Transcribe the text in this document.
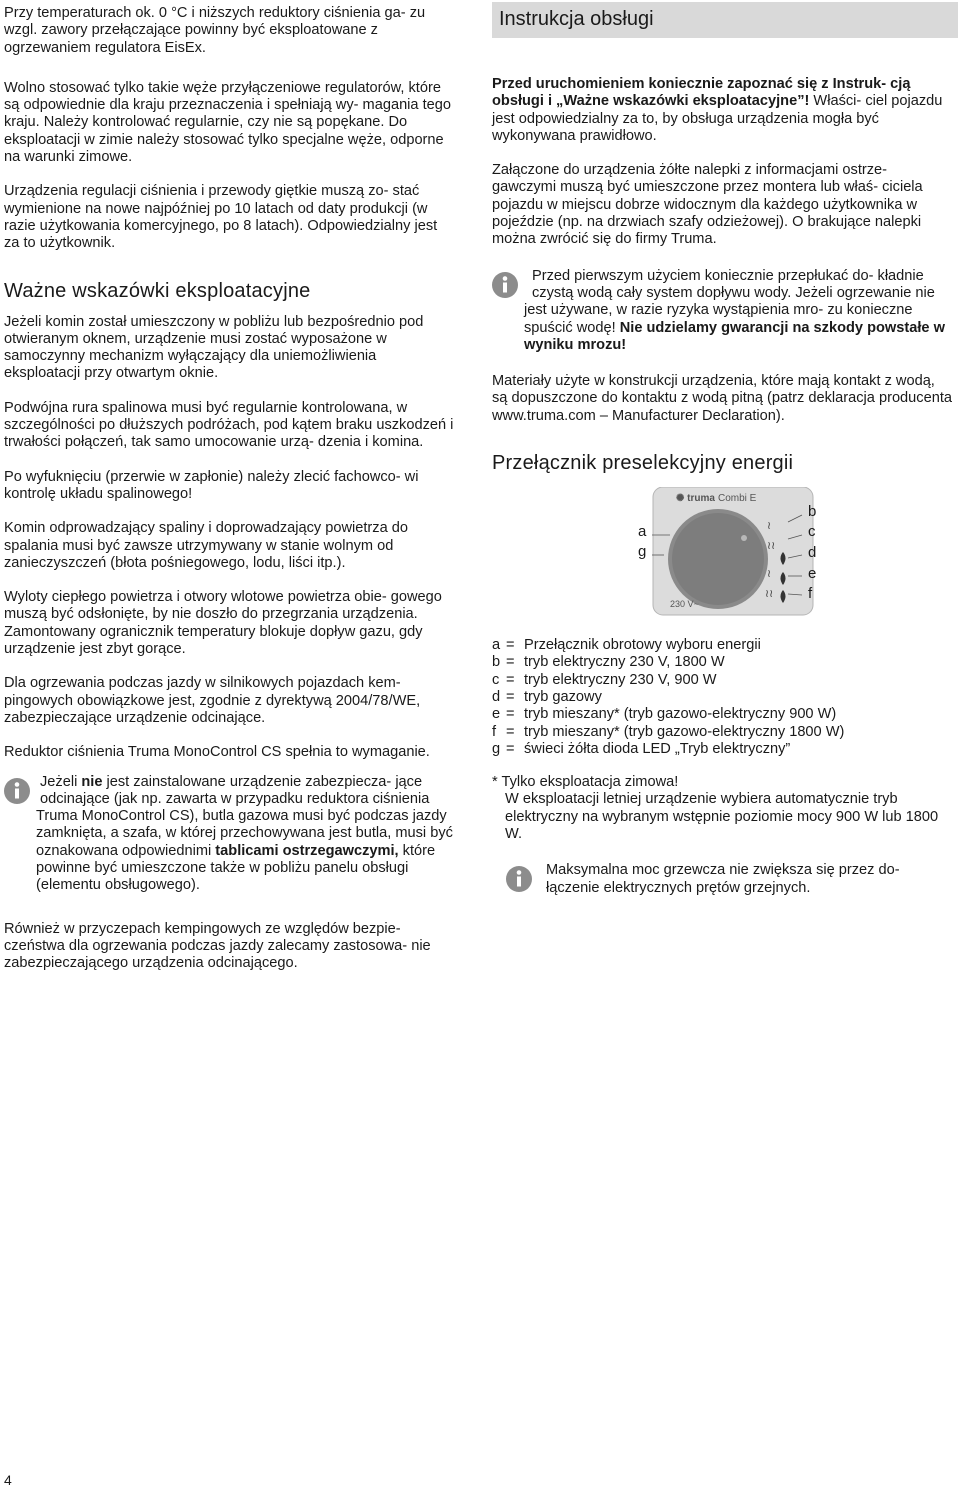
Instrukcja obsługi

Przy temperaturach ok. 0 °C i niższych reduktory ciśnienia ga- zu wzgl. zawory przełączające powinny być eksploatowane z ogrzewaniem regulatora EisEx.

Wolno stosować tylko takie węże przyłączeniowe regulatorów, które są odpowiednie dla kraju przeznaczenia i spełniają wy- magania tego kraju. Należy kontrolować regularnie, czy nie są popękane. Do eksploatacji w zimie należy stosować tylko specjalne węże, odporne na warunki zimowe.

Urządzenia regulacji ciśnienia i przewody giętkie muszą zo- stać wymienione na nowe najpóźniej po 10 latach od daty produkcji (w razie użytkowania komercyjnego, po 8 latach). Odpowiedzialny jest za to użytkownik.

Ważne wskazówki eksploatacyjne

Jeżeli komin został umieszczony w pobliżu lub bezpośrednio pod otwieranym oknem, urządzenie musi zostać wyposażone w samoczynny mechanizm wyłączający dla uniemożliwienia eksploatacji przy otwartym oknie.

Podwójna rura spalinowa musi być regularnie kontrolowana, w szczególności po dłuższych podróżach, pod kątem braku uszkodzeń i trwałości połączeń, tak samo umocowanie urzą- dzenia i komina.

Po wyfuknięciu (przerwie w zapłonie) należy zlecić fachowco- wi kontrolę układu spalinowego!

Komin odprowadzający spaliny i doprowadzający powietrza do spalania musi być zawsze utrzymywany w stanie wolnym od zanieczyszczeń (błota pośniegowego, lodu, liści itp.).

Wyloty ciepłego powietrza i otwory wlotowe powietrza obie- gowego muszą być odsłonięte, by nie doszło do przegrzania urządzenia. Zamontowany ogranicznik temperatury blokuje dopływ gazu, gdy urządzenie jest zbyt gorące.

Dla ogrzewania podczas jazdy w silnikowych pojazdach kem- pingowych obowiązkowe jest, zgodnie z dyrektywą 2004/78/WE, zabezpieczające urządzenie odcinające.

Reduktor ciśnienia Truma MonoControl CS spełnia to wymaganie.

Jeżeli nie jest zainstalowane urządzenie zabezpiecza- jące odcinające (jak np. zawarta w przypadku reduktora ciśnienia Truma MonoControl CS), butla gazowa musi być podczas jazdy zamknięta, a szafa, w której przechowywana jest butla, musi być oznakowana odpowiednimi tablicami ostrzegawczymi, które powinne być umieszczone także w pobliżu panelu obsługi (elementu obsługowego).

Również w przyczepach kempingowych ze względów bezpie- czeństwa dla ogrzewania podczas jazdy zalecamy zastosowa- nie zabezpieczającego urządzenia odcinającego.

Przed uruchomieniem koniecznie zapoznać się z Instruk- cją obsługi i „Ważne wskazówki eksploatacyjne”! Właści- ciel pojazdu jest odpowiedzialny za to, by obsługa urządzenia mogła być wykonywana prawidłowo.

Załączone do urządzenia żółte nalepki z informacjami ostrze- gawczymi muszą być umieszczone przez montera lub właś- ciciela pojazdu w miejscu dobrze widocznym dla każdego użytkownika w pojeździe (np. na drzwiach szafy odzieżowej). O brakujące nalepki można zwrócić się do firmy Truma.

Przed pierwszym użyciem koniecznie przepłukać do- kładnie czystą wodą cały system dopływu wody. Jeżeli ogrzewanie nie jest używane, w razie ryzyka wystąpienia mro- zu konieczne spuścić wodę! Nie udzielamy gwarancji na szkody powstałe w wyniku mrozu!

Materiały użyte w konstrukcji urządzenia, które mają kontakt z wodą, są dopuszczone do kontaktu z wodą pitną (patrz deklaracja producenta www.truma.com – Manufacturer Declaration).

Przełącznik preselekcyjny energii
≀
≀≀
≀
≀≀
✺ truma Combi E
230 V~
a
g
b
c
d
e
f
a = Przełącznik obrotowy wyboru energii
b = tryb elektryczny 230 V, 1800 W
c = tryb elektryczny 230 V, 900 W
d = tryb gazowy
e = tryb mieszany* (tryb gazowo-elektryczny 900 W)
f = tryb mieszany* (tryb gazowo-elektryczny 1800 W)
g = świeci żółta dioda LED „Tryb elektryczny”

* Tylko eksploatacja zimowa!

W eksploatacji letniej urządzenie wybiera automatycznie tryb elektryczny na wybranym wstępnie poziomie mocy 900 W lub 1800 W.

Maksymalna moc grzewcza nie zwiększa się przez do- łączenie elektrycznych prętów grzejnych.

4
